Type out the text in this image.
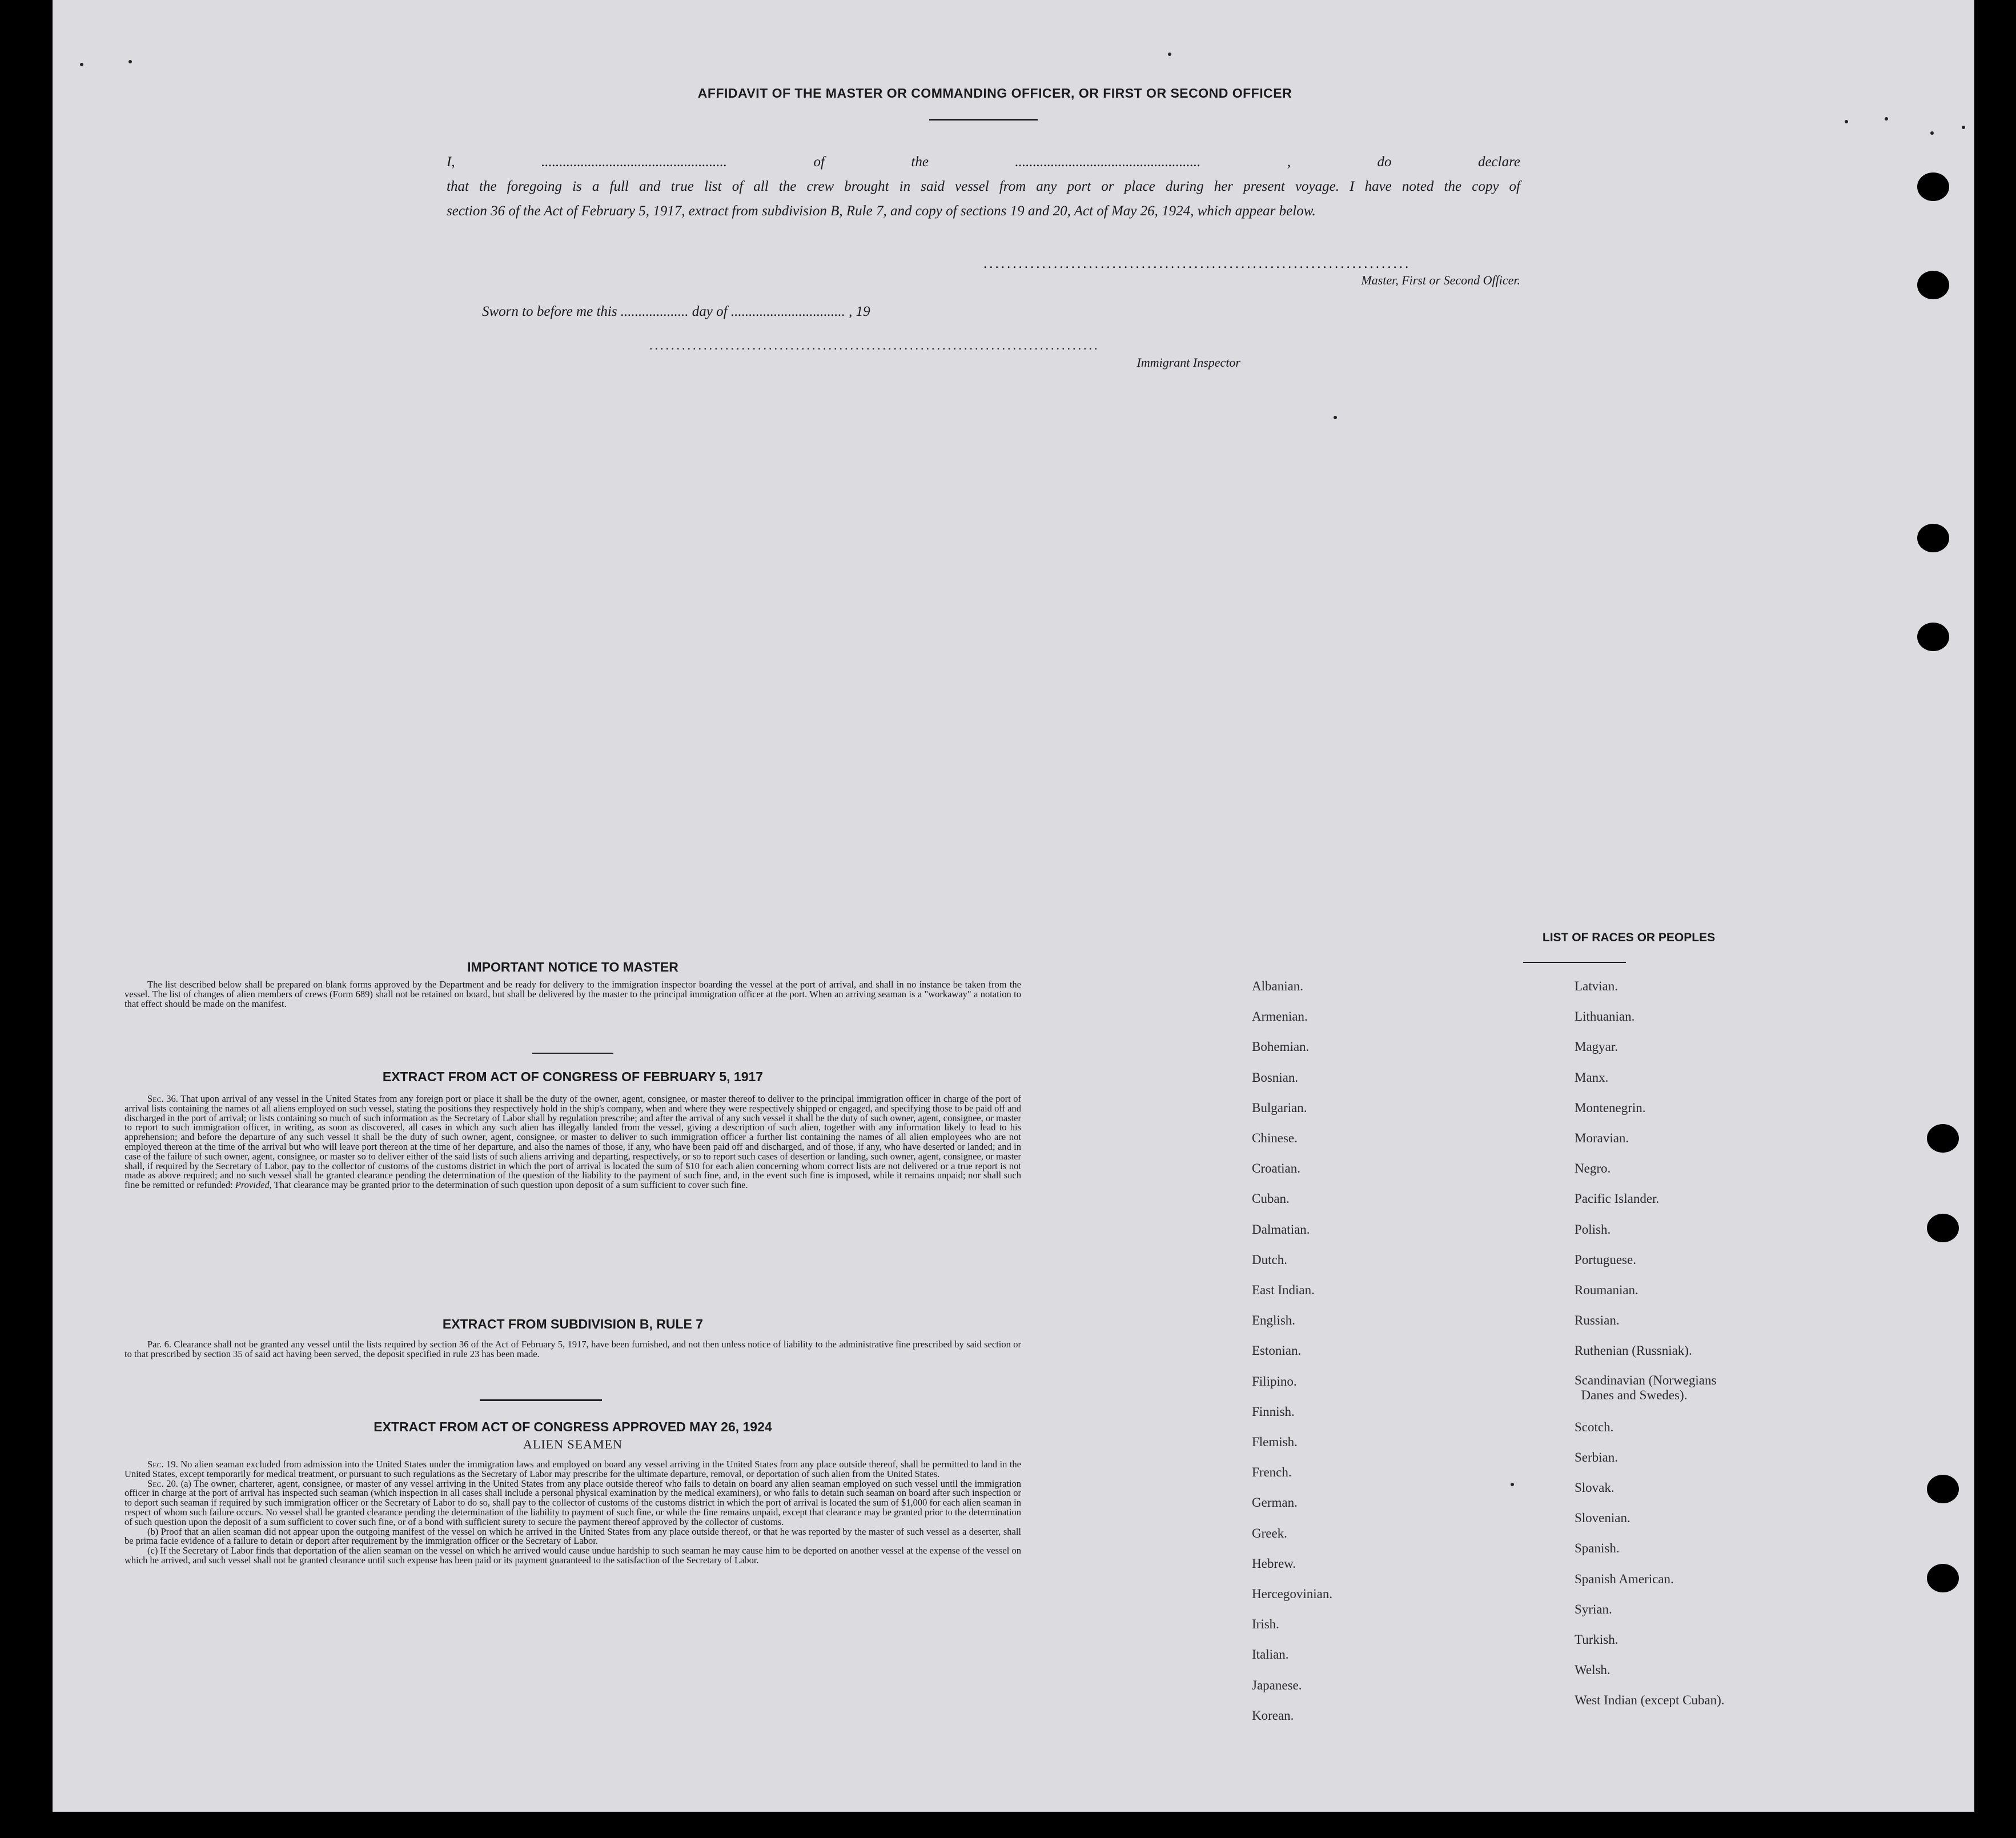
AFFIDAVIT OF THE MASTER OR COMMANDING OFFICER, OR FIRST OR SECOND OFFICER
I, .................................................... of the .................................................... , do declare
that the foregoing is a full and true list of all the crew brought in said vessel from any port or place during her present voyage. I have noted the copy of
section 36 of the Act of February 5, 1917, extract from subdivision B, Rule 7, and copy of sections 19 and 20, Act of May 26, 1924, which appear below.
.........................................................................
Master, First or Second Officer.
Sworn to before me this ................... day of ................................ , 19
...................................................................................
Immigrant Inspector
IMPORTANT NOTICE TO MASTER

The list described below shall be prepared on blank forms approved by the Department and be ready for delivery to the immigration inspector boarding the vessel at the port of arrival, and shall in no instance be taken from the vessel. The list of changes of alien members of crews (Form 689) shall not be retained on board, but shall be delivered by the master to the principal immigration officer at the port. When an arriving seaman is a "workaway" a notation to that effect should be made on the manifest.

EXTRACT FROM ACT OF CONGRESS OF FEBRUARY 5, 1917

Sec. 36. That upon arrival of any vessel in the United States from any foreign port or place it shall be the duty of the owner, agent, consignee, or master thereof to deliver to the principal immigration officer in charge of the port of arrival lists containing the names of all aliens employed on such vessel, stating the positions they respectively hold in the ship's company, when and where they were respectively shipped or engaged, and specifying those to be paid off and discharged in the port of arrival; or lists containing so much of such information as the Secretary of Labor shall by regulation prescribe; and after the arrival of any such vessel it shall be the duty of such owner, agent, consignee, or master to report to such immigration officer, in writing, as soon as discovered, all cases in which any such alien has illegally landed from the vessel, giving a description of such alien, together with any information likely to lead to his apprehension; and before the departure of any such vessel it shall be the duty of such owner, agent, consignee, or master to deliver to such immigration officer a further list containing the names of all alien employees who are not employed thereon at the time of the arrival but who will leave port thereon at the time of her departure, and also the names of those, if any, who have been paid off and discharged, and of those, if any, who have deserted or landed; and in case of the failure of such owner, agent, consignee, or master so to deliver either of the said lists of such aliens arriving and departing, respectively, or so to report such cases of desertion or landing, such owner, agent, consignee, or master shall, if required by the Secretary of Labor, pay to the collector of customs of the customs district in which the port of arrival is located the sum of $10 for each alien concerning whom correct lists are not delivered or a true report is not made as above required; and no such vessel shall be granted clearance pending the determination of the question of the liability to the payment of such fine, and, in the event such fine is imposed, while it remains unpaid; nor shall such fine be remitted or refunded: Provided, That clearance may be granted prior to the determination of such question upon deposit of a sum sufficient to cover such fine.

EXTRACT FROM SUBDIVISION B, RULE 7

Par. 6. Clearance shall not be granted any vessel until the lists required by section 36 of the Act of February 5, 1917, have been furnished, and not then unless notice of liability to the administrative fine prescribed by said section or to that prescribed by section 35 of said act having been served, the deposit specified in rule 23 has been made.

EXTRACT FROM ACT OF CONGRESS APPROVED MAY 26, 1924
ALIEN SEAMEN

Sec. 19. No alien seaman excluded from admission into the United States under the immigration laws and employed on board any vessel arriving in the United States from any place outside thereof, shall be permitted to land in the United States, except temporarily for medical treatment, or pursuant to such regulations as the Secretary of Labor may prescribe for the ultimate departure, removal, or deportation of such alien from the United States.

Sec. 20. (a) The owner, charterer, agent, consignee, or master of any vessel arriving in the United States from any place outside thereof who fails to detain on board any alien seaman employed on such vessel until the immigration officer in charge at the port of arrival has inspected such seaman (which inspection in all cases shall include a personal physical examination by the medical examiners), or who fails to detain such seaman on board after such inspection or to deport such seaman if required by such immigration officer or the Secretary of Labor to do so, shall pay to the collector of customs of the customs district in which the port of arrival is located the sum of $1,000 for each alien seaman in respect of whom such failure occurs. No vessel shall be granted clearance pending the determination of the liability to payment of such fine, or while the fine remains unpaid, except that clearance may be granted prior to the determination of such question upon the deposit of a sum sufficient to cover such fine, or of a bond with sufficient surety to secure the payment thereof approved by the collector of customs.

(b) Proof that an alien seaman did not appear upon the outgoing manifest of the vessel on which he arrived in the United States from any place outside thereof, or that he was reported by the master of such vessel as a deserter, shall be prima facie evidence of a failure to detain or deport after requirement by the immigration officer or the Secretary of Labor.

(c) If the Secretary of Labor finds that deportation of the alien seaman on the vessel on which he arrived would cause undue hardship to such seaman he may cause him to be deported on another vessel at the expense of the vessel on which he arrived, and such vessel shall not be granted clearance until such expense has been paid or its payment guaranteed to the satisfaction of the Secretary of Labor.

LIST OF RACES OR PEOPLES
Albanian.
Armenian.
Bohemian.
Bosnian.
Bulgarian.
Chinese.
Croatian.
Cuban.
Dalmatian.
Dutch.
East Indian.
English.
Estonian.
Filipino.
Finnish.
Flemish.
French.
German.
Greek.
Hebrew.
Hercegovinian.
Irish.
Italian.
Japanese.
Korean.
Latvian.
Lithuanian.
Magyar.
Manx.
Montenegrin.
Moravian.
Negro.
Pacific Islander.
Polish.
Portuguese.
Roumanian.
Russian.
Ruthenian (Russniak).
Scandinavian (Norwegians
Danes and Swedes).
Scotch.
Serbian.
Slovak.
Slovenian.
Spanish.
Spanish American.
Syrian.
Turkish.
Welsh.
West Indian (except Cuban).
